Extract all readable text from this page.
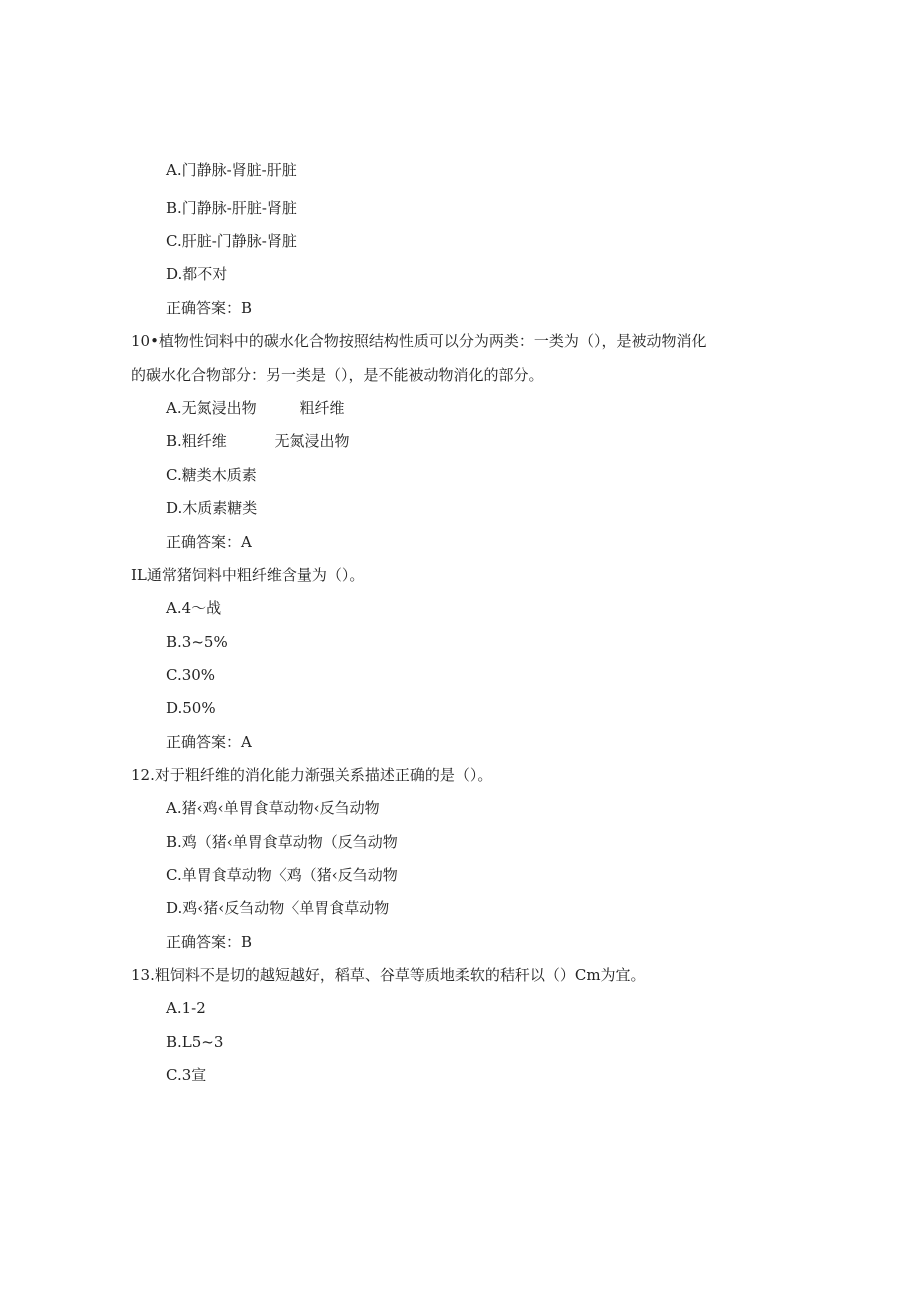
A.门静脉-肾脏-肝脏

B.门静脉-肝脏-肾脏

C.肝脏-门静脉-肾脏

D.都不对

正确答案：B

10•植物性饲料中的碳水化合物按照结构性质可以分为两类：一类为（），是被动物消化

的碳水化合物部分：另一类是（），是不能被动物消化的部分。

A.无氮浸出物         粗纤维

B.粗纤维          无氮浸出物

C.糖类木质素

D.木质素糖类

正确答案：A

IL通常猪饲料中粗纤维含量为（）。

A.4～战

B.3~5%

C.30%

D.50%

正确答案：A

12.对于粗纤维的消化能力渐强关系描述正确的是（）。

A.猪‹鸡‹单胃食草动物‹反刍动物

B.鸡（猪‹单胃食草动物（反刍动物

C.单胃食草动物〈鸡（猪‹反刍动物

D.鸡‹猪‹反刍动物〈单胃食草动物

正确答案：B

13.粗饲料不是切的越短越好，稻草、谷草等质地柔软的秸秆以（）Cm为宜。

A.1-2

B.L5~3

C.3宣
